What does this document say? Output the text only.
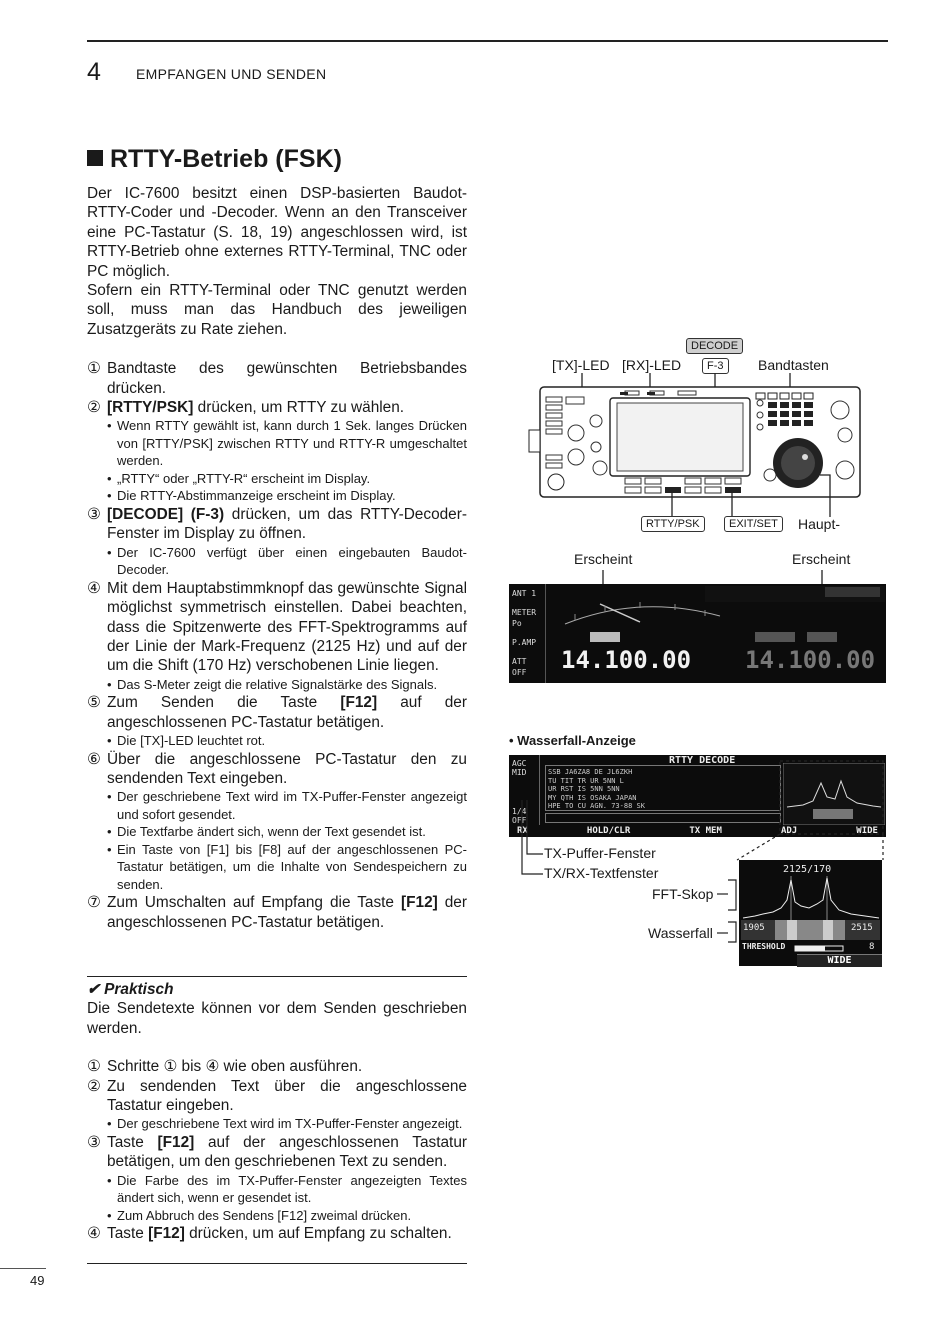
4	EMPFANGEN UND SENDEN
RTTY-Betrieb (FSK)

Der IC-7600 besitzt einen DSP-basierten Baudot-RTTY-Coder und -Decoder. Wenn an den Transceiver eine PC-Tastatur (S. 18, 19) angeschlossen wird, ist RTTY-Betrieb ohne externes RTTY-Terminal, TNC oder PC möglich.

Sofern ein RTTY-Terminal oder TNC genutzt werden soll, muss man das Handbuch des jeweiligen Zusatzgeräts zu Rate ziehen.

① Bandtaste des gewünschten Betriebsbandes drücken.

② [RTTY/PSK] drücken, um RTTY zu wählen.

• Wenn RTTY gewählt ist, kann durch 1 Sek. langes Drücken von [RTTY/PSK] zwischen RTTY und RTTY-R umgeschaltet werden.

• „RTTY“ oder „RTTY-R“ erscheint im Display.

• Die RTTY-Abstimmanzeige erscheint im Display.

③ [DECODE] (F-3) drücken, um das RTTY-Decoder-Fenster im Display zu öffnen.

• Der IC-7600 verfügt über einen eingebauten Baudot-Decoder.

④ Mit dem Hauptabstimmknopf das gewünschte Signal möglichst symmetrisch einstellen. Dabei beachten, dass die Spitzenwerte des FFT-Spektrogramms auf der Linie der Mark-Frequenz (2125 Hz) und auf der um die Shift (170 Hz) verschobenen Linie liegen.

• Das S-Meter zeigt die relative Signalstärke des Signals.

⑤ Zum Senden die Taste [F12] auf der angeschlossenen PC-Tastatur betätigen.

• Die [TX]-LED leuchtet rot.

⑥ Über die angeschlossene PC-Tastatur den zu sendenden Text eingeben.

• Der geschriebene Text wird im TX-Puffer-Fenster angezeigt und sofort gesendet.

• Die Textfarbe ändert sich, wenn der Text gesendet ist.

• Ein Taste von [F1] bis [F8] auf der angeschlossenen PC-Tastatur betätigen, um die Inhalte von Sendespeichern zu senden.

⑦ Zum Umschalten auf Empfang die Taste [F12] der angeschlossenen PC-Tastatur betätigen.

✔ Praktisch

Die Sendetexte können vor dem Senden geschrieben werden.

① Schritte ① bis ④ wie oben ausführen.

② Zu sendenden Text über die angeschlossene Tastatur eingeben.

• Der geschriebene Text wird im TX-Puffer-Fenster angezeigt.

③ Taste [F12] auf der angeschlossenen Tastatur betätigen, um den geschriebenen Text zu senden.

• Die Farbe des im TX-Puffer-Fenster angezeigten Textes ändert sich, wenn er gesendet ist.

• Zum Abbruch des Sendens [F12] zweimal drücken.

④ Taste [F12] drücken, um auf Empfang zu schalten.

49
DECODE
[TX]-LED [RX]-LED	F-3	Bandtasten
RTTY/PSK	EXIT/SET	Haupt-
Erscheint	Erscheint
ANT 1
METER Po
P.AMP
ATT OFF	14.100.00 14.100.00
• Wasserfall-Anzeige
AGC MID
1/4 OFF
RTTY DECODE
SSB JA6ZA8 DE JL6ZKH
TU TIT TR UR 5NN L
UR RST IS 5NN 5NN
MY QTH IS OSAKA JAPAN
HPE TO CU AGN. 73-88 SK
RX	HOLD/CLR	TX MEM	ADJ	WIDE
TX-Puffer-Fenster
TX/RX-Textfenster
FFT-Skop
Wasserfall
2125/170
1905	2515
THRESHOLD	8
WIDE
